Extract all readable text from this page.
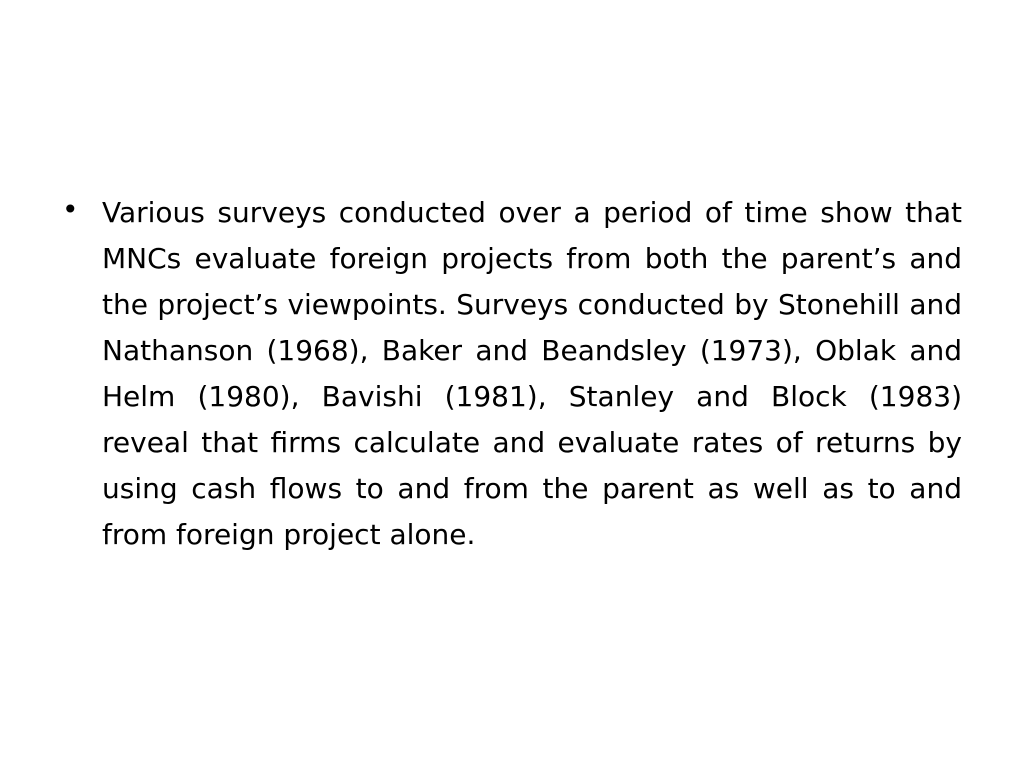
• Various surveys conducted over a period of time show that MNCs evaluate foreign projects from both the parent’s and the project’s viewpoints. Surveys conducted by Stonehill and Nathanson (1968), Baker and Beandsley (1973), Oblak and Helm (1980), Bavishi (1981), Stanley and Block (1983) reveal that firms calculate and evaluate rates of returns by using cash flows to and from the parent as well as to and from foreign project alone.
